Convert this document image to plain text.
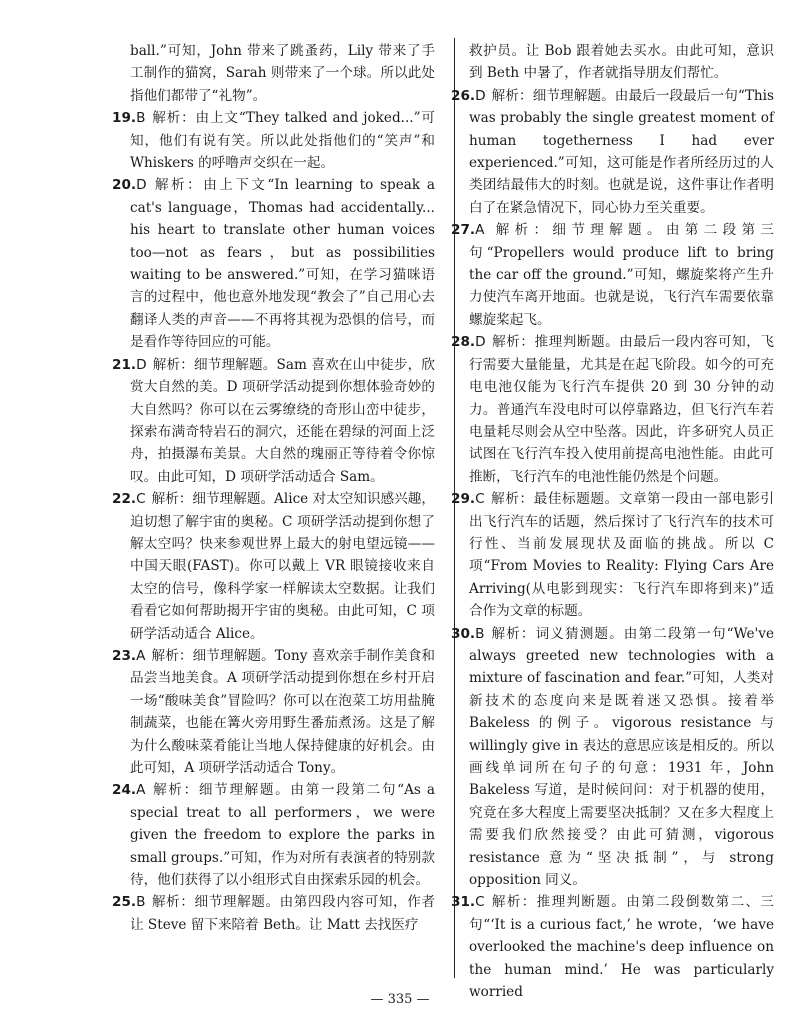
ball.”可知，John 带来了跳蚤药，Lily 带来了手工制作的猫窝，Sarah 则带来了一个球。所以此处指他们都带了“礼物”。

19.B 解析：由上文“They talked and joked...”可知，他们有说有笑。所以此处指他们的“笑声”和 Whiskers 的呼噜声交织在一起。

20.D 解析：由上下文“In learning to speak a cat's language，Thomas had accidentally... his heart to translate other human voices too—not as fears，but as possibilities waiting to be answered.”可知，在学习猫咪语言的过程中，他也意外地发现“教会了”自己用心去翻译人类的声音——不再将其视为恐惧的信号，而是看作等待回应的可能。

21.D 解析：细节理解题。Sam 喜欢在山中徒步，欣赏大自然的美。D 项研学活动提到你想体验奇妙的大自然吗？你可以在云雾缭绕的奇形山峦中徒步，探索布满奇特岩石的洞穴，还能在碧绿的河面上泛舟，拍摄瀑布美景。大自然的瑰丽正等待着令你惊叹。由此可知，D 项研学活动适合 Sam。

22.C 解析：细节理解题。Alice 对太空知识感兴趣，迫切想了解宇宙的奥秘。C 项研学活动提到你想了解太空吗？快来参观世界上最大的射电望远镜——中国天眼(FAST)。你可以戴上 VR 眼镜接收来自太空的信号，像科学家一样解读太空数据。让我们看看它如何帮助揭开宇宙的奥秘。由此可知，C 项研学活动适合 Alice。

23.A 解析：细节理解题。Tony 喜欢亲手制作美食和品尝当地美食。A 项研学活动提到你想在乡村开启一场“酸味美食”冒险吗？你可以在泡菜工坊用盐腌制蔬菜，也能在篝火旁用野生番茄煮汤。这是了解为什么酸味菜肴能让当地人保持健康的好机会。由此可知，A 项研学活动适合 Tony。

24.A 解析：细节理解题。由第一段第二句“As a special treat to all performers，we were given the freedom to explore the parks in small groups.”可知，作为对所有表演者的特别款待，他们获得了以小组形式自由探索乐园的机会。

25.B 解析：细节理解题。由第四段内容可知，作者让 Steve 留下来陪着 Beth。让 Matt 去找医疗

救护员。让 Bob 跟着她去买水。由此可知，意识到 Beth 中暑了，作者就指导朋友们帮忙。

26.D 解析：细节理解题。由最后一段最后一句“This was probably the single greatest moment of human togetherness I had ever experienced.”可知，这可能是作者所经历过的人类团结最伟大的时刻。也就是说，这件事让作者明白了在紧急情况下，同心协力至关重要。

27.A 解析：细节理解题。由第二段第三句“Propellers would produce lift to bring the car off the ground.”可知，螺旋桨将产生升力使汽车离开地面。也就是说，飞行汽车需要依靠螺旋桨起飞。

28.D 解析：推理判断题。由最后一段内容可知，飞行需要大量能量，尤其是在起飞阶段。如今的可充电电池仅能为飞行汽车提供 20 到 30 分钟的动力。普通汽车没电时可以停靠路边，但飞行汽车若电量耗尽则会从空中坠落。因此，许多研究人员正试图在飞行汽车投入使用前提高电池性能。由此可推断，飞行汽车的电池性能仍然是个问题。

29.C 解析：最佳标题题。文章第一段由一部电影引出飞行汽车的话题，然后探讨了飞行汽车的技术可行性、当前发展现状及面临的挑战。所以 C 项“From Movies to Reality: Flying Cars Are Arriving(从电影到现实：飞行汽车即将到来)”适合作为文章的标题。

30.B 解析：词义猜测题。由第二段第一句“We've always greeted new technologies with a mixture of fascination and fear.”可知，人类对新技术的态度向来是既着迷又恐惧。接着举 Bakeless 的例子。vigorous resistance 与 willingly give in 表达的意思应该是相反的。所以画线单词所在句子的句意：1931 年，John Bakeless 写道，是时候问问：对于机器的使用，究竟在多大程度上需要坚决抵制？又在多大程度上需要我们欣然接受？由此可猜测，vigorous resistance 意为“坚决抵制”，与 strong opposition 同义。

31.C 解析：推理判断题。由第二段倒数第二、三句“‘It is a curious fact,’ he wrote，‘we have overlooked the machine's deep influence on the human mind.’ He was particularly worried

— 335 —
